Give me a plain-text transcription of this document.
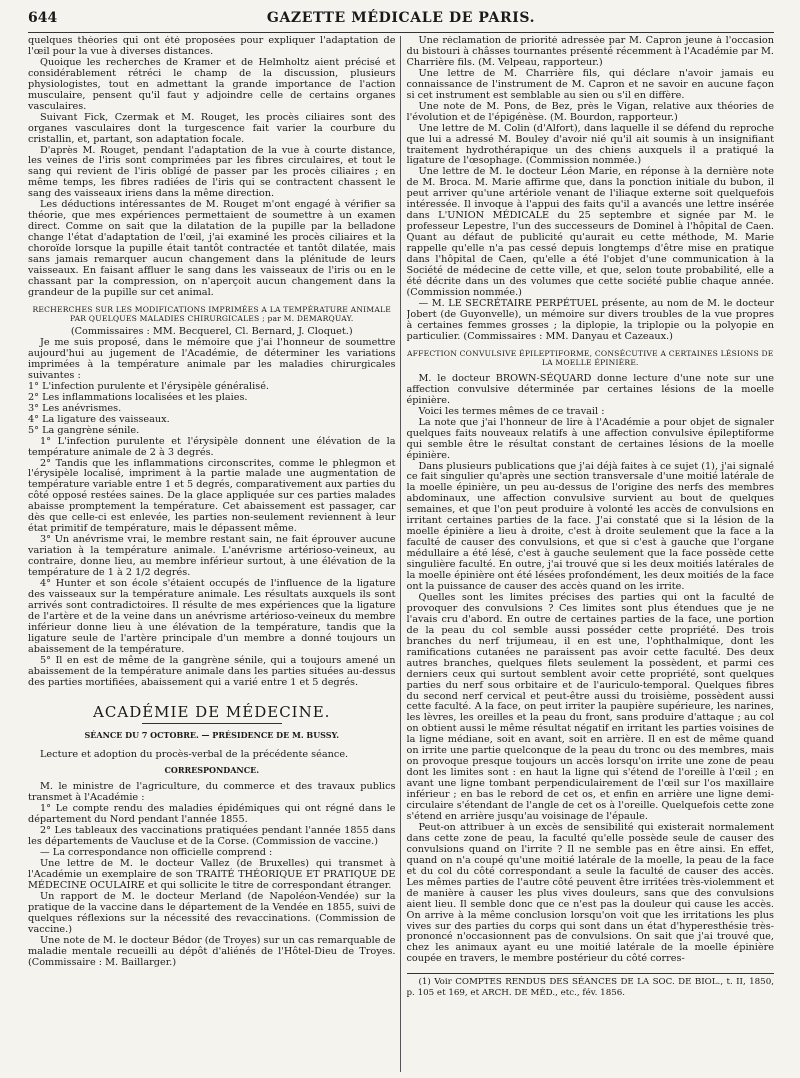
644	GAZETTE MÉDICALE DE PARIS.

quelques théories qui ont été proposées pour expliquer l'adaptation de l'œil pour la vue à diverses distances.

Quoique les recherches de Kramer et de Helmholtz aient précisé et considérablement rétréci le champ de la discussion, plusieurs physiologistes, tout en admettant la grande importance de l'action musculaire, pensent qu'il faut y adjoindre celle de certains organes vasculaires.

Suivant Fick, Czermak et M. Rouget, les procès ciliaires sont des organes vasculaires dont la turgescence fait varier la courbure du cristallin, et, partant, son adaptation focale.

D'après M. Rouget, pendant l'adaptation de la vue à courte distance, les veines de l'iris sont comprimées par les fibres circulaires, et tout le sang qui revient de l'iris obligé de passer par les procès ciliaires ; en même temps, les fibres radiées de l'iris qui se contractent chassent le sang des vaisseaux iriens dans la même direction.

Les déductions intéressantes de M. Rouget m'ont engagé à vérifier sa théorie, que mes expériences permettaient de soumettre à un examen direct. Comme on sait que la dilatation de la pupille par la belladone change l'état d'adaptation de l'œil, j'ai examiné les procès ciliaires et la choroïde lorsque la pupille était tantôt contractée et tantôt dilatée, mais sans jamais remarquer aucun changement dans la plénitude de leurs vaisseaux. En faisant affluer le sang dans les vaisseaux de l'iris ou en le chassant par la compression, on n'aperçoit aucun changement dans la grandeur de la pupille sur cet animal.

RECHERCHES SUR LES MODIFICATIONS IMPRIMÉES A LA TEMPÉRATURE ANIMALE PAR QUELQUES MALADIES CHIRURGICALES ; par M. DEMARQUAY.

(Commissaires : MM. Becquerel, Cl. Bernard, J. Cloquet.)

Je me suis proposé, dans le mémoire que j'ai l'honneur de soumettre aujourd'hui au jugement de l'Académie, de déterminer les variations imprimées à la température animale par les maladies chirurgicales suivantes :

1° L'infection purulente et l'érysipèle généralisé.

2° Les inflammations localisées et les plaies.

3° Les anévrismes.

4° La ligature des vaisseaux.

5° La gangrène sénile.

1° L'infection purulente et l'érysipèle donnent une élévation de la température animale de 2 à 3 degrés.

2° Tandis que les inflammations circonscrites, comme le phlegmon et l'érysipèle localisé, impriment à la partie malade une augmentation de température variable entre 1 et 5 degrés, comparativement aux parties du côté opposé restées saines. De la glace appliquée sur ces parties malades abaisse promptement la température. Cet abaissement est passager, car dès que celle-ci est enlevée, les parties non-seulement reviennent à leur état primitif de température, mais le dépassent même.

3° Un anévrisme vrai, le membre restant sain, ne fait éprouver aucune variation à la température animale. L'anévrisme artérioso-veineux, au contraire, donne lieu, au membre inférieur surtout, à une élévation de la température de 1 à 2 1/2 degrés.

4° Hunter et son école s'étaient occupés de l'influence de la ligature des vaisseaux sur la température animale. Les résultats auxquels ils sont arrivés sont contradictoires. Il résulte de mes expériences que la ligature de l'artère et de la veine dans un anévrisme artérioso-veineux du membre inférieur donne lieu à une élévation de la température, tandis que la ligature seule de l'artère principale d'un membre a donné toujours un abaissement de la température.

5° Il en est de même de la gangrène sénile, qui a toujours amené un abaissement de la température animale dans les parties situées au-dessus des parties mortifiées, abaissement qui a varié entre 1 et 5 degrés.

ACADÉMIE DE MÉDECINE.
SÉANCE DU 7 OCTOBRE. — PRÉSIDENCE DE M. BUSSY.

Lecture et adoption du procès-verbal de la précédente séance.

CORRESPONDANCE.

M. le ministre de l'agriculture, du commerce et des travaux publics transmet à l'Académie :

1° Le compte rendu des maladies épidémiques qui ont régné dans le département du Nord pendant l'année 1855.

2° Les tableaux des vaccinations pratiquées pendant l'année 1855 dans les départements de Vaucluse et de la Corse. (Commission de vaccine.)

— La correspondance non officielle comprend :

Une lettre de M. le docteur Vallez (de Bruxelles) qui transmet à l'Académie un exemplaire de son TRAITÉ THÉORIQUE ET PRATIQUE DE MÉDECINE OCULAIRE et qui sollicite le titre de correspondant étranger.

Un rapport de M. le docteur Merland (de Napoléon-Vendée) sur la pratique de la vaccine dans le département de la Vendée en 1855, suivi de quelques réflexions sur la nécessité des revaccinations. (Commission de vaccine.)

Une note de M. le docteur Bédor (de Troyes) sur un cas remarquable de maladie mentale recueilli au dépôt d'aliénés de l'Hôtel-Dieu de Troyes. (Commissaire : M. Baillarger.)

Une réclamation de priorité adressée par M. Capron jeune à l'occasion du bistouri à châsses tournantes présenté récemment à l'Académie par M. Charrière fils. (M. Velpeau, rapporteur.)

Une lettre de M. Charrière fils, qui déclare n'avoir jamais eu connaissance de l'instrument de M. Capron et ne savoir en aucune façon si cet instrument est semblable au sien ou s'il en diffère.

Une note de M. Pons, de Bez, près le Vigan, relative aux théories de l'évolution et de l'épigénèse. (M. Bourdon, rapporteur.)

Une lettre de M. Colin (d'Alfort), dans laquelle il se défend du reproche que lui a adressé M. Bouley d'avoir nié qu'il ait soumis à un insignifiant traitement hydrothérapique un des chiens auxquels il a pratiqué la ligature de l'œsophage. (Commission nommée.)

Une lettre de M. le docteur Léon Marie, en réponse à la dernière note de M. Broca. M. Marie affirme que, dans la ponction initiale du bubon, il peut arriver qu'une artériole venant de l'iliaque externe soit quelquefois intéressée. Il invoque à l'appui des faits qu'il a avancés une lettre insérée dans L'UNION MÉDICALE du 25 septembre et signée par M. le professeur Lepestre, l'un des successeurs de Dominel à l'hôpital de Caen. Quant au défaut de publicité qu'aurait eu cette méthode, M. Marie rappelle qu'elle n'a pas cessé depuis longtemps d'être mise en pratique dans l'hôpital de Caen, qu'elle a été l'objet d'une communication à la Société de médecine de cette ville, et que, selon toute probabilité, elle a été décrite dans un des volumes que cette société publie chaque année. (Commission nommée.)

— M. LE SECRÉTAIRE PERPÉTUEL présente, au nom de M. le docteur Jobert (de Guyonvelle), un mémoire sur divers troubles de la vue propres à certaines femmes grosses ; la diplopie, la triplopie ou la polyopie en particulier. (Commissaires : MM. Danyau et Cazeaux.)

AFFECTION CONVULSIVE ÉPILEPTIFORME, CONSÉCUTIVE A CERTAINES LÉSIONS DE LA MOELLE ÉPINIÈRE.

M. le docteur BROWN-SÉQUARD donne lecture d'une note sur une affection convulsive déterminée par certaines lésions de la moelle épinière.

Voici les termes mêmes de ce travail :

La note que j'ai l'honneur de lire à l'Académie a pour objet de signaler quelques faits nouveaux relatifs à une affection convulsive épileptiforme qui semble être le résultat constant de certaines lésions de la moelle épinière.

Dans plusieurs publications que j'ai déjà faites à ce sujet (1), j'ai signalé ce fait singulier qu'après une section transversale d'une moitié latérale de la moelle épinière, un peu au-dessus de l'origine des nerfs des membres abdominaux, une affection convulsive survient au bout de quelques semaines, et que l'on peut produire à volonté les accès de convulsions en irritant certaines parties de la face. J'ai constaté que si la lésion de la moelle épinière a lieu à droite, c'est à droite seulement que la face a la faculté de causer des convulsions, et que si c'est à gauche que l'organe médullaire a été lésé, c'est à gauche seulement que la face possède cette singulière faculté. En outre, j'ai trouvé que si les deux moitiés latérales de la moelle épinière ont été lésées profondément, les deux moitiés de la face ont la puissance de causer des accès quand on les irrite.

Quelles sont les limites précises des parties qui ont la faculté de provoquer des convulsions ? Ces limites sont plus étendues que je ne l'avais cru d'abord. En outre de certaines parties de la face, une portion de la peau du col semble aussi posséder cette propriété. Des trois branches du nerf trijumeau, il en est une, l'ophthalmique, dont les ramifications cutanées ne paraissent pas avoir cette faculté. Des deux autres branches, quelques filets seulement la possèdent, et parmi ces derniers ceux qui surtout semblent avoir cette propriété, sont quelques parties du nerf sous orbitaire et de l'auriculo-temporal. Quelques fibres du second nerf cervical et peut-être aussi du troisième, possèdent aussi cette faculté. A la face, on peut irriter la paupière supérieure, les narines, les lèvres, les oreilles et la peau du front, sans produire d'attaque ; au col on obtient aussi le même résultat négatif en irritant les parties voisines de la ligne médiane, soit en avant, soit en arrière. Il en est de même quand on irrite une partie quelconque de la peau du tronc ou des membres, mais on provoque presque toujours un accès lorsqu'on irrite une zone de peau dont les limites sont : en haut la ligne qui s'étend de l'oreille à l'œil ; en avant une ligne tombant perpendiculairement de l'œil sur l'os maxillaire inférieur ; en bas le rebord de cet os, et enfin en arrière une ligne demi-circulaire s'étendant de l'angle de cet os à l'oreille. Quelquefois cette zone s'étend en arrière jusqu'au voisinage de l'épaule.

Peut-on attribuer à un excès de sensibilité qui existerait normalement dans cette zone de peau, la faculté qu'elle possède seule de causer des convulsions quand on l'irrite ? Il ne semble pas en être ainsi. En effet, quand on n'a coupé qu'une moitié latérale de la moelle, la peau de la face et du col du côté correspondant a seule la faculté de causer des accès. Les mêmes parties de l'autre côté peuvent être irritées très-violemment et de manière à causer les plus vives douleurs, sans que des convulsions aient lieu. Il semble donc que ce n'est pas la douleur qui cause les accès. On arrive à la même conclusion lorsqu'on voit que les irritations les plus vives sur des parties du corps qui sont dans un état d'hyperesthésie très-prononcé n'occasionnent pas de convulsions. On sait que j'ai trouvé que, chez les animaux ayant eu une moitié latérale de la moelle épinière coupée en travers, le membre postérieur du côté corres-

(1) Voir COMPTES RENDUS DES SÉANCES DE LA SOC. DE BIOL., t. II, 1850, p. 105 et 169, et ARCH. DE MÉD., etc., fév. 1856.
